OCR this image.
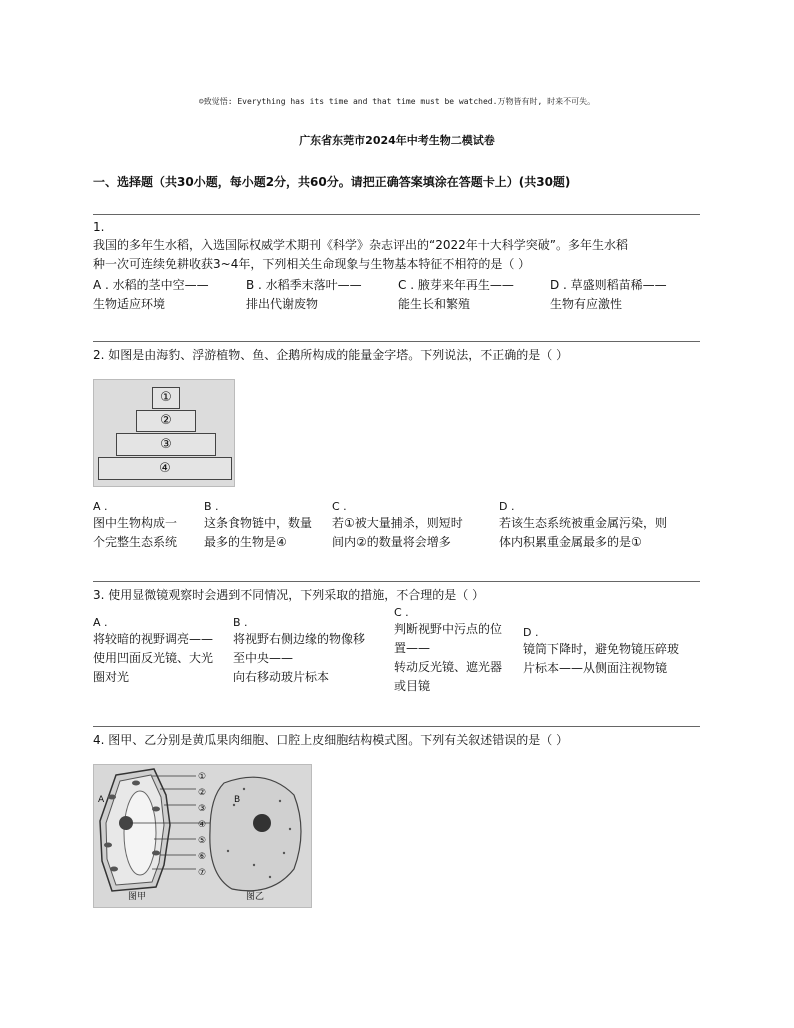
☺致觉悟: Everything has its time and that time must be watched.万物皆有时, 时来不可失。
广东省东莞市2024年中考生物二模试卷
一、选择题（共30小题，每小题2分，共60分。请把正确答案填涂在答题卡上）(共30题)
1.
我国的多年生水稻，入选国际权威学术期刊《科学》杂志评出的“2022年十大科学突破”。多年生水稻
种一次可连续免耕收获3~4年，下列相关生命现象与生物基本特征不相符的是（ ）
A . 水稻的茎中空——
生物适应环境
B . 水稻季末落叶——
排出代谢废物
C . 腋芽来年再生——
能生长和繁殖
D . 草盛则稻苗稀——
生物有应激性
2. 如图是由海豹、浮游植物、鱼、企鹅所构成的能量金字塔。下列说法，不正确的是（ ）
①
②
③
④
A .
图中生物构成一
个完整生态系统
B .
这条食物链中，数量
最多的生物是④
C .
若①被大量捕杀，则短时
间内②的数量将会增多
D .
若该生态系统被重金属污染，则
体内积累重金属最多的是①
3. 使用显微镜观察时会遇到不同情况，下列采取的措施，不合理的是（ ）
A .
将较暗的视野调亮——
使用凹面反光镜、大光
圈对光
B .
将视野右侧边缘的物像移
至中央——
向右移动玻片标本
C .
判断视野中污点的位
置——
转动反光镜、遮光器
或目镜
D .
镜筒下降时，避免物镜压碎玻
片标本——从侧面注视物镜
4. 图甲、乙分别是黄瓜果肉细胞、口腔上皮细胞结构模式图。下列有关叙述错误的是（ ）
①
②
③
④
⑤
⑥
⑦
A	B
图甲	图乙
